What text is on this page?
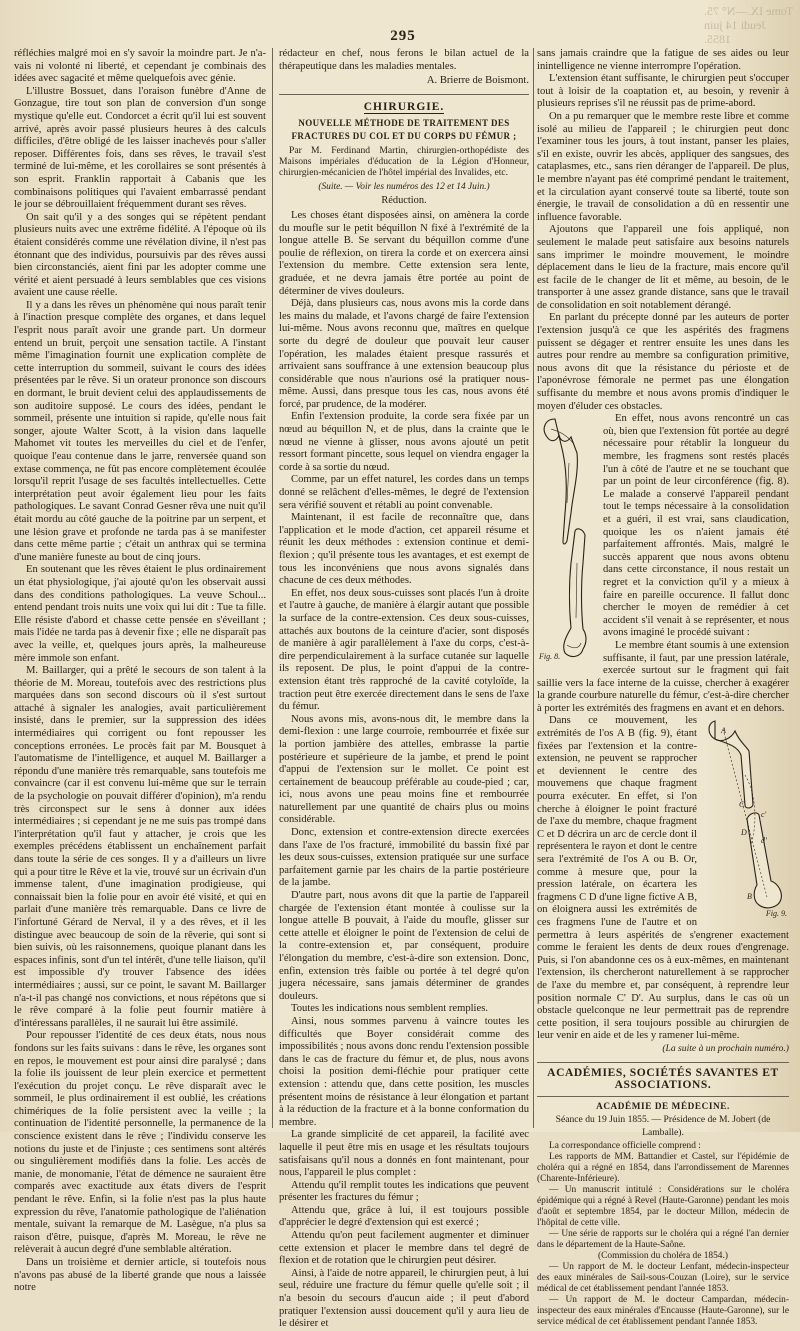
Tome IX.—N° 75. Jeudi 14 juin 1855.
295

réfléchies malgré moi en s'y savoir la moindre part. Je n'a-vais ni volonté ni liberté, et cependant je combinais des idées avec sagacité et même quelquefois avec génie.

L'illustre Bossuet, dans l'oraison funèbre d'Anne de Gonzague, tire tout son plan de conversion d'un songe mystique qu'elle eut. Condorcet a écrit qu'il lui est souvent arrivé, après avoir passé plusieurs heures à des calculs difficiles, d'être obligé de les laisser inachevés pour s'aller reposer. Différentes fois, dans ses rêves, le travail s'est terminé de lui-même, et les corollaires se sont présentés à son esprit. Franklin rapportait à Cabanis que les combinaisons politiques qui l'avaient embarrassé pendant le jour se débrouillaient fréquemment durant ses rêves.

On sait qu'il y a des songes qui se répètent pendant plusieurs nuits avec une extrême fidélité. A l'époque où ils étaient considérés comme une révélation divine, il n'est pas étonnant que des individus, poursuivis par des rêves aussi bien circonstanciés, aient fini par les adopter comme une vérité et aient persuadé à leurs semblables que ces visions avaient une cause réelle.

Il y a dans les rêves un phénomène qui nous paraît tenir à l'inaction presque complète des organes, et dans lequel l'esprit nous paraît avoir une grande part. Un dormeur entend un bruit, perçoit une sensation tactile. A l'instant même l'imagination fournit une explication complète de cette interruption du sommeil, suivant le cours des idées présentées par le rêve. Si un orateur prononce son discours en dormant, le bruit devient celui des applaudissements de son auditoire supposé. Le cours des idées, pendant le sommeil, présente une intuition si rapide, qu'elle nous fait songer, ajoute Walter Scott, à la vision dans laquelle Mahomet vit toutes les merveilles du ciel et de l'enfer, quoique l'eau contenue dans le jarre, renversée quand son extase commença, ne fût pas encore complètement écoulée lorsqu'il reprit l'usage de ses facultés intellectuelles. Cette interprétation peut avoir également lieu pour les faits pathologiques. Le savant Conrad Gesner rêva une nuit qu'il était mordu au côté gauche de la poitrine par un serpent, et une lésion grave et profonde ne tarda pas à se manifester dans cette même partie ; c'était un anthrax qui se termina d'une manière funeste au bout de cinq jours.

En soutenant que les rêves étaient le plus ordinairement un état physiologique, j'ai ajouté qu'on les observait aussi dans des conditions pathologiques. La veuve Schoul... entend pendant trois nuits une voix qui lui dit : Tue ta fille. Elle résiste d'abord et chasse cette pensée en s'éveillant ; mais l'idée ne tarda pas à devenir fixe ; elle ne disparaît pas avec la veille, et, quelques jours après, la malheureuse mère immole son enfant.

M. Baillarger, qui a prêté le secours de son talent à la théorie de M. Moreau, toutefois avec des restrictions plus marquées dans son second discours où il s'est surtout attaché à signaler les analogies, avait particulièrement insisté, dans le premier, sur la suppression des idées intermédiaires qui corrigent ou font repousser les conceptions erronées. Le procès fait par M. Bousquet à l'automatisme de l'intelligence, et auquel M. Baillarger a répondu d'une manière très remarquable, sans toutefois me convaincre (car il est convenu lui-même que sur le terrain de la psychologie on pouvait différer d'opinion), m'a rendu très circonspect sur le sens à donner aux idées intermédiaires ; si cependant je ne me suis pas trompé dans l'interprétation qu'il faut y attacher, je crois que les exemples précédens établissent un enchaînement parfait dans toute la série de ces songes. Il y a d'ailleurs un livre qui a pour titre le Rêve et la vie, trouvé sur un écrivain d'un immense talent, d'une imagination prodigieuse, qui connaissait bien la folie pour en avoir été visité, et qui en parlait d'une manière très remarquable. Dans ce livre de l'infortuné Gérard de Nerval, il y a des rêves, et il les distingue avec beaucoup de soin de la rêverie, qui sont si bien suivis, où les raisonnemens, quoique planant dans les espaces infinis, sont d'un tel intérêt, d'une telle liaison, qu'il est impossible d'y trouver l'absence des idées intermédiaires ; aussi, sur ce point, le savant M. Baillarger n'a-t-il pas changé nos convictions, et nous répétons que si le rêve comparé à la folie peut fournir matière à d'intéressans parallèles, il ne saurait lui être assimilé.

Pour repousser l'identité de ces deux états, nous nous fondons sur les faits suivans : dans le rêve, les organes sont en repos, le mouvement est pour ainsi dire paralysé ; dans la folie ils jouissent de leur plein exercice et permettent l'exécution du projet conçu. Le rêve disparaît avec le sommeil, le plus ordinairement il est oublié, les créations chimériques de la folie persistent avec la veille ; la continuation de l'identité personnelle, la permanence de la conscience existent dans le rêve ; l'individu conserve les notions du juste et de l'injuste ; ces sentimens sont altérés ou singulièrement modifiés dans la folie. Les accès de manie, de monomanie, l'état de démence ne sauraient être comparés avec exactitude aux états divers de l'esprit pendant le rêve. Enfin, si la folie n'est pas la plus haute expression du rêve, l'anatomie pathologique de l'aliénation mentale, suivant la remarque de M. Lasègue, n'a plus sa raison d'être, puisque, d'après M. Moreau, le rêve ne relèverait à aucun degré d'une semblable altération.

Dans un troisième et dernier article, si toutefois nous n'avons pas abusé de la liberté grande que nous a laissée notre

rédacteur en chef, nous ferons le bilan actuel de la thérapeutique dans les maladies mentales.

A. Brierre de Boismont.

CHIRURGIE.

NOUVELLE MÉTHODE DE TRAITEMENT DES FRACTURES DU COL ET DU CORPS DU FÉMUR ;

Par M. Ferdinand Martin, chirurgien-orthopédiste des Maisons impériales d'éducation de la Légion d'Honneur, chirurgien-mécanicien de l'hôtel impérial des Invalides, etc.

(Suite. — Voir les numéros des 12 et 14 Juin.)

Réduction.

Les choses étant disposées ainsi, on amènera la corde du moufle sur le petit béquillon N fixé à l'extrémité de la longue attelle B. Se servant du béquillon comme d'une poulie de réflexion, on tirera la corde et on exercera ainsi l'extension du membre. Cette extension sera lente, graduée, et ne devra jamais être portée au point de déterminer de vives douleurs.

Déjà, dans plusieurs cas, nous avons mis la corde dans les mains du malade, et l'avons chargé de faire l'extension lui-même. Nous avons reconnu que, maîtres en quelque sorte du degré de douleur que pouvait leur causer l'opération, les malades étaient presque rassurés et arrivaient sans souffrance à une extension beaucoup plus considérable que nous n'aurions osé la pratiquer nous-même. Aussi, dans presque tous les cas, nous avons été forcé, par prudence, de la modérer.

Enfin l'extension produite, la corde sera fixée par un nœud au béquillon N, et de plus, dans la crainte que le nœud ne vienne à glisser, nous avons ajouté un petit ressort formant pincette, sous lequel on viendra engager la corde à sa sortie du nœud.

Comme, par un effet naturel, les cordes dans un temps donné se relâchent d'elles-mêmes, le degré de l'extension sera vérifié souvent et rétabli au point convenable.

Maintenant, il est facile de reconnaître que, dans l'application et le mode d'action, cet appareil résume et réunit les deux méthodes : extension continue et demi-flexion ; qu'il présente tous les avantages, et est exempt de tous les inconvéniens que nous avons signalés dans chacune de ces deux méthodes.

En effet, nos deux sous-cuisses sont placés l'un à droite et l'autre à gauche, de manière à élargir autant que possible la surface de la contre-extension. Ces deux sous-cuisses, attachés aux boutons de la ceinture d'acier, sont disposés de manière à agir parallèlement à l'axe du corps, c'est-à-dire perpendiculairement à la surface cutanée sur laquelle ils reposent. De plus, le point d'appui de la contre-extension étant très rapproché de la cavité cotyloïde, la traction peut être exercée directement dans le sens de l'axe du fémur.

Nous avons mis, avons-nous dit, le membre dans la demi-flexion : une large courroie, rembourrée et fixée sur la portion jambière des attelles, embrasse la partie postérieure et supérieure de la jambe, et prend le point d'appui de l'extension sur le mollet. Ce point est certainement de beaucoup préférable au coude-pied ; car, ici, nous avons une peau moins fine et rembourrée naturellement par une quantité de chairs plus ou moins considérable.

Donc, extension et contre-extension directe exercées dans l'axe de l'os fracturé, immobilité du bassin fixé par les deux sous-cuisses, extension pratiquée sur une surface parfaitement garnie par les chairs de la partie postérieure de la jambe.

D'autre part, nous avons dit que la partie de l'appareil chargée de l'extension étant montée à coulisse sur la longue attelle B pouvait, à l'aide du moufle, glisser sur cette attelle et éloigner le point de l'extension de celui de la contre-extension et, par conséquent, produire l'élongation du membre, c'est-à-dire son extension. Donc, enfin, extension très faible ou portée à tel degré qu'on jugera nécessaire, sans jamais déterminer de grandes douleurs.

Toutes les indications nous semblent remplies.

Ainsi, nous sommes parvenu à vaincre toutes les difficultés que Boyer considérait comme des impossibilités ; nous avons donc rendu l'extension possible dans le cas de fracture du fémur et, de plus, nous avons choisi la position demi-fléchie pour pratiquer cette extension : attendu que, dans cette position, les muscles présentent moins de résistance à leur élongation et partant à la réduction de la fracture et à la bonne conformation du membre.

La grande simplicité de cet appareil, la facilité avec laquelle il peut être mis en usage et les résultats toujours satisfaisans qu'il nous a donnés en font maintenant, pour nous, l'appareil le plus complet :

Attendu qu'il remplit toutes les indications que peuvent présenter les fractures du fémur ;

Attendu que, grâce à lui, il est toujours possible d'apprécier le degré d'extension qui est exercé ;

Attendu qu'on peut facilement augmenter et diminuer cette extension et placer le membre dans tel degré de flexion et de rotation que le chirurgien peut désirer.

Ainsi, à l'aide de notre appareil, le chirurgien peut, à lui seul, réduire une fracture du fémur quelle qu'elle soit ; il n'a besoin du secours d'aucun aide ; il peut d'abord pratiquer l'extension aussi doucement qu'il y aura lieu de le désirer et

sans jamais craindre que la fatigue de ses aides ou leur inintelligence ne vienne interrompre l'opération.

L'extension étant suffisante, le chirurgien peut s'occuper tout à loisir de la coaptation et, au besoin, y revenir à plusieurs reprises s'il ne réussit pas de prime-abord.

On a pu remarquer que le membre reste libre et comme isolé au milieu de l'appareil ; le chirurgien peut donc l'examiner tous les jours, à tout instant, panser les plaies, s'il en existe, ouvrir les abcès, appliquer des sangsues, des cataplasmes, etc., sans rien déranger de l'appareil. De plus, le membre n'ayant pas été comprimé pendant le traitement, et la circulation ayant conservé toute sa liberté, toute son énergie, le travail de consolidation a dû en ressentir une influence favorable.

Ajoutons que l'appareil une fois appliqué, non seulement le malade peut satisfaire aux besoins naturels sans imprimer le moindre mouvement, le moindre déplacement dans le lieu de la fracture, mais encore qu'il est facile de le changer de lit et même, au besoin, de le transporter à une assez grande distance, sans que le travail de consolidation en soit notablement dérangé.

En parlant du précepte donné par les auteurs de porter l'extension jusqu'à ce que les aspérités des fragmens puissent se dégager et rentrer ensuite les unes dans les autres pour rendre au membre sa configuration primitive, nous avons dit que la résistance du périoste et de l'aponévrose fémorale ne permet pas une élongation suffisante du membre et nous avons promis d'indiquer le moyen d'éluder ces obstacles.

Fig. 8.

En effet, nous avons rencontré un cas où, bien que l'extension fût portée au degré nécessaire pour rétablir la longueur du membre, les fragmens sont restés placés l'un à côté de l'autre et ne se touchant que par un point de leur circonférence (fig. 8). Le malade a conservé l'appareil pendant tout le temps nécessaire à la consolidation et a guéri, il est vrai, sans claudication, quoique les os n'aient jamais été parfaitement affrontés. Mais, malgré le succès apparent que nous avons obtenu dans cette circonstance, il nous restait un regret et la conviction qu'il y a mieux à faire en pareille occurence. Il fallut donc chercher le moyen de remédier à cet accident s'il venait à se représenter, et nous avons imaginé le procédé suivant :

Le membre étant soumis à une extension suffisante, il faut, par une pression latérale, exercée surtout sur le fragment qui fait saillie vers la face interne de la cuisse, chercher à exagérer la grande courbure naturelle du fémur, c'est-à-dire chercher à porter les extrémités des fragmens en avant et en dehors.

A
c'
C
D
d'
B
Fig. 9.

Dans ce mouvement, les extrémités de l'os A B (fig. 9), étant fixées par l'extension et la contre-extension, ne peuvent se rapprocher et deviennent le centre des mouvemens que chaque fragment pourra exécuter. En effet, si l'on cherche à éloigner le point fracturé de l'axe du membre, chaque fragment C et D décrira un arc de cercle dont il représentera le rayon et dont le centre sera l'extrémité de l'os A ou B. Or, comme à mesure que, pour la pression latérale, on écartera les fragmens C D d'une ligne fictive A B, on éloignera aussi les extrémités de ces fragmens l'une de l'autre et on permettra à leurs aspérités de s'engrener exactement comme le feraient les dents de deux roues d'engrenage. Puis, si l'on abandonne ces os à eux-mêmes, en maintenant l'extension, ils chercheront naturellement à se rapprocher de l'axe du membre et, par conséquent, à reprendre leur position normale C' D'. Au surplus, dans le cas où un obstacle quelconque ne leur permettrait pas de reprendre cette position, il sera toujours possible au chirurgien de leur venir en aide et de les y ramener lui-même.

(La suite à un prochain numéro.)

ACADÉMIES, SOCIÉTÉS SAVANTES ET ASSOCIATIONS.

ACADÉMIE DE MÉDECINE.

Séance du 19 Juin 1855. — Présidence de M. Jobert (de Lamballe).

La correspondance officielle comprend :

Les rapports de MM. Battandier et Castel, sur l'épidémie de choléra qui a régné en 1854, dans l'arrondissement de Marennes (Charente-Inférieure).

— Un manuscrit intitulé : Considérations sur le choléra épidémique qui a régné à Revel (Haute-Garonne) pendant les mois d'août et septembre 1854, par le docteur Millon, médecin de l'hôpital de cette ville.

— Une série de rapports sur le choléra qui a régné l'an dernier dans le département de la Haute-Saône.

(Commission du choléra de 1854.)

— Un rapport de M. le docteur Lenfant, médecin-inspecteur des eaux minérales de Sail-sous-Couzan (Loire), sur le service médical de cet établissement pendant l'année 1853.

— Un rapport de M. le docteur Campardan, médecin-inspecteur des eaux minérales d'Encausse (Haute-Garonne), sur le service médical de cet établissement pendant l'année 1853.
